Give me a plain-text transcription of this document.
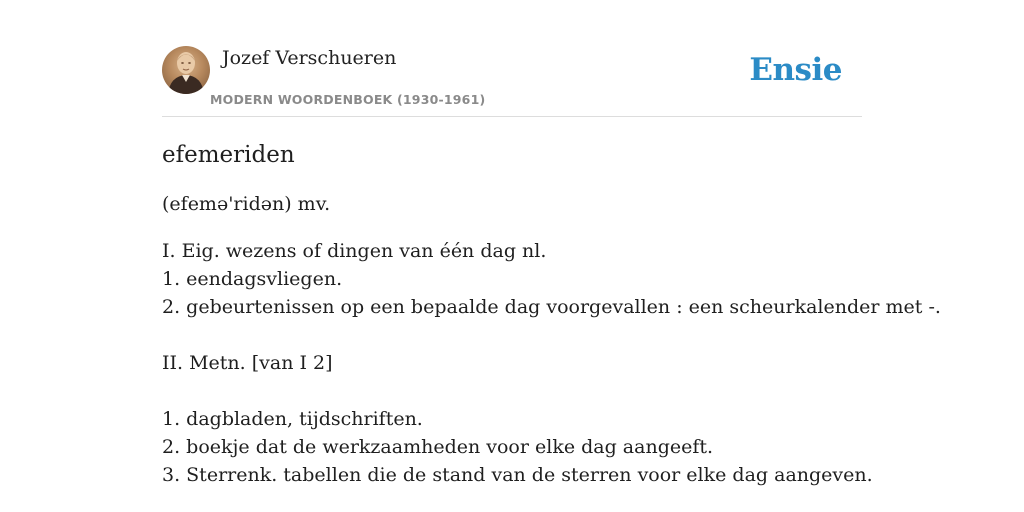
Jozef Verschueren
MODERN WOORDENBOEK (1930-1961)
Ensie
efemeriden
(efemə'ridən) mv.
I. Eig. wezens of dingen van één dag nl.
1. eendagsvliegen.
2. gebeurtenissen op een bepaalde dag voorgevallen : een scheurkalender met -.
II. Metn. [van I 2]
1. dagbladen, tijdschriften.
2. boekje dat de werkzaamheden voor elke dag aangeeft.
3. Sterrenk. tabellen die de stand van de sterren voor elke dag aangeven.
